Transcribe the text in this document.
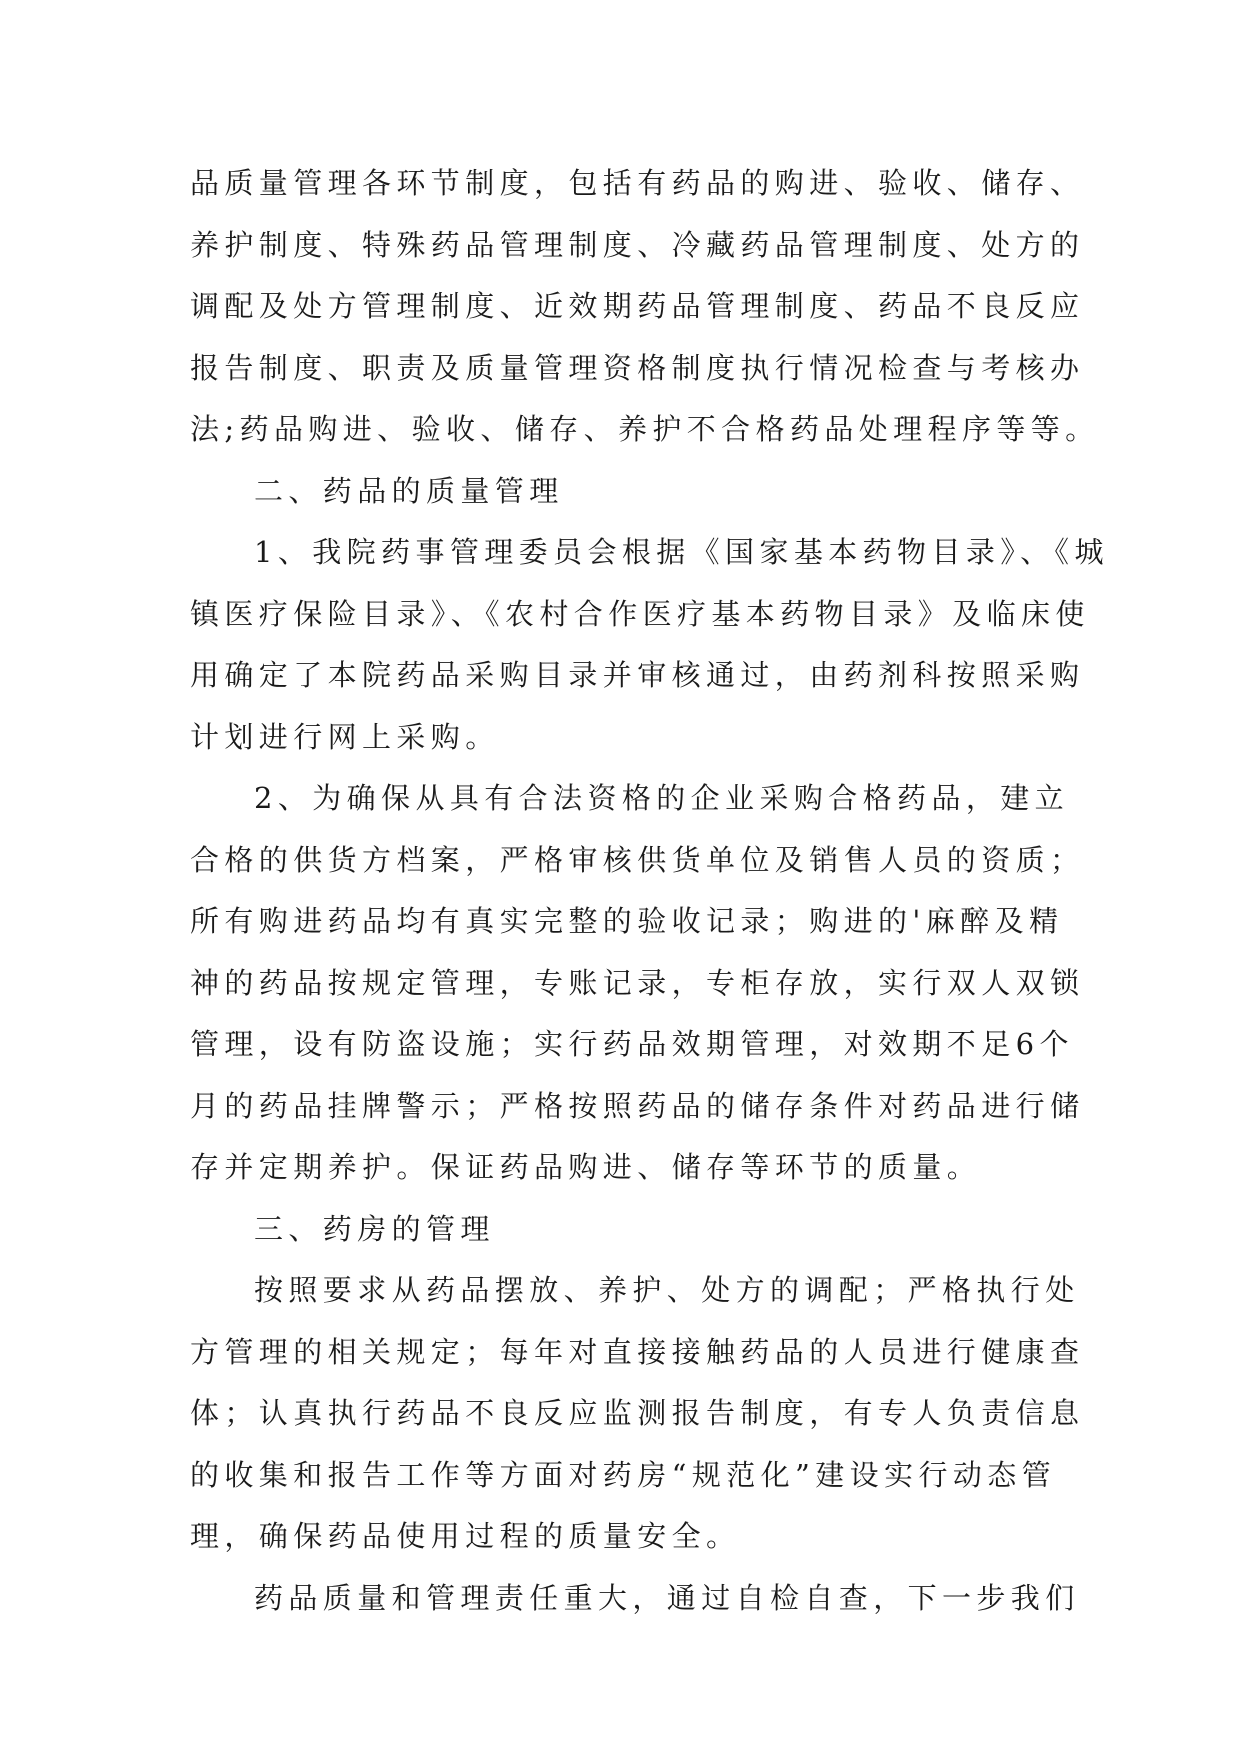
品质量管理各环节制度，包括有药品的购进、验收、储存、
养护制度、特殊药品管理制度、冷藏药品管理制度、处方的
调配及处方管理制度、近效期药品管理制度、药品不良反应
报告制度、职责及质量管理资格制度执行情况检查与考核办
法;药品购进、验收、储存、养护不合格药品处理程序等等。
二、药品的质量管理
1、我院药事管理委员会根据《国家基本药物目录》、《城
镇医疗保险目录》、《农村合作医疗基本药物目录》及临床使
用确定了本院药品采购目录并审核通过，由药剂科按照采购
计划进行网上采购。
2、为确保从具有合法资格的企业采购合格药品，建立
合格的供货方档案，严格审核供货单位及销售人员的资质；
所有购进药品均有真实完整的验收记录；购进的'麻醉及精
神的药品按规定管理，专账记录，专柜存放，实行双人双锁
管理，设有防盗设施；实行药品效期管理，对效期不足6个
月的药品挂牌警示；严格按照药品的储存条件对药品进行储
存并定期养护。保证药品购进、储存等环节的质量。
三、药房的管理
按照要求从药品摆放、养护、处方的调配；严格执行处
方管理的相关规定；每年对直接接触药品的人员进行健康查
体；认真执行药品不良反应监测报告制度，有专人负责信息
的收集和报告工作等方面对药房“规范化”建设实行动态管
理，确保药品使用过程的质量安全。
药品质量和管理责任重大，通过自检自查，下一步我们
